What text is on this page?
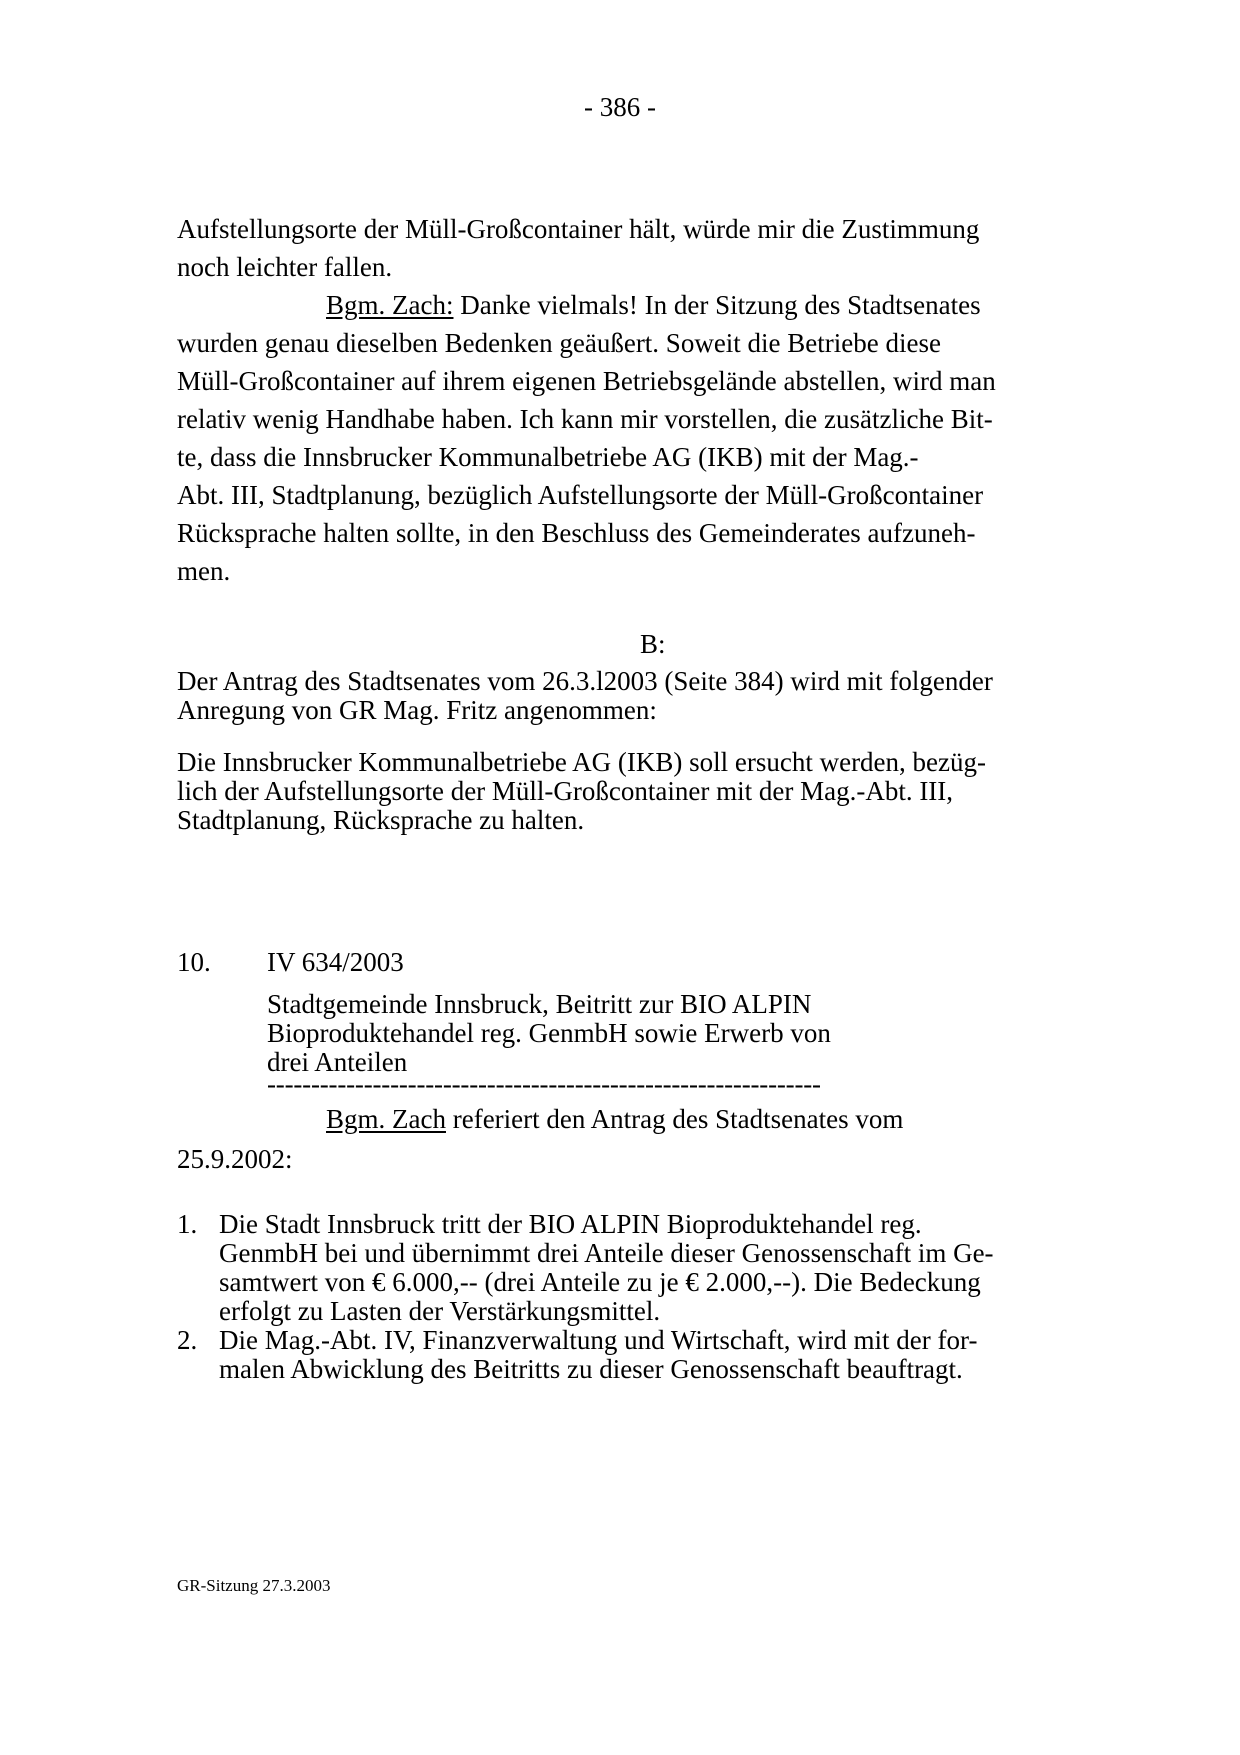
- 386 -
Aufstellungsorte der Müll-Großcontainer hält, würde mir die Zustimmung
noch leichter fallen.
Bgm. Zach: Danke vielmals! In der Sitzung des Stadtsenates
wurden genau dieselben Bedenken geäußert. Soweit die Betriebe diese
Müll-Großcontainer auf ihrem eigenen Betriebsgelände abstellen, wird man
relativ wenig Handhabe haben. Ich kann mir vorstellen, die zusätzliche Bit-
te, dass die Innsbrucker Kommunalbetriebe AG (IKB) mit der Mag.-
Abt. III, Stadtplanung, bezüglich Aufstellungsorte der Müll-Großcontainer
Rücksprache halten sollte, in den Beschluss des Gemeinderates aufzuneh-
men.
B:
Der Antrag des Stadtsenates vom 26.3.l2003 (Seite 384) wird mit folgender
Anregung von GR Mag. Fritz angenommen:
Die Innsbrucker Kommunalbetriebe AG (IKB) soll ersucht werden, bezüg-
lich der Aufstellungsorte der Müll-Großcontainer mit der Mag.-Abt. III,
Stadtplanung, Rücksprache zu halten.
10. IV 634/2003
Stadtgemeinde Innsbruck, Beitritt zur BIO ALPIN
Bioproduktehandel reg. GenmbH sowie Erwerb von
drei Anteilen
---------------------------------------------------------------
Bgm. Zach referiert den Antrag des Stadtsenates vom
25.9.2002:
1. Die Stadt Innsbruck tritt der BIO ALPIN Bioproduktehandel reg.
GenmbH bei und übernimmt drei Anteile dieser Genossenschaft im Ge-
samtwert von € 6.000,-- (drei Anteile zu je € 2.000,--). Die Bedeckung
erfolgt zu Lasten der Verstärkungsmittel.
2. Die Mag.-Abt. IV, Finanzverwaltung und Wirtschaft, wird mit der for-
malen Abwicklung des Beitritts zu dieser Genossenschaft beauftragt.
GR-Sitzung 27.3.2003
